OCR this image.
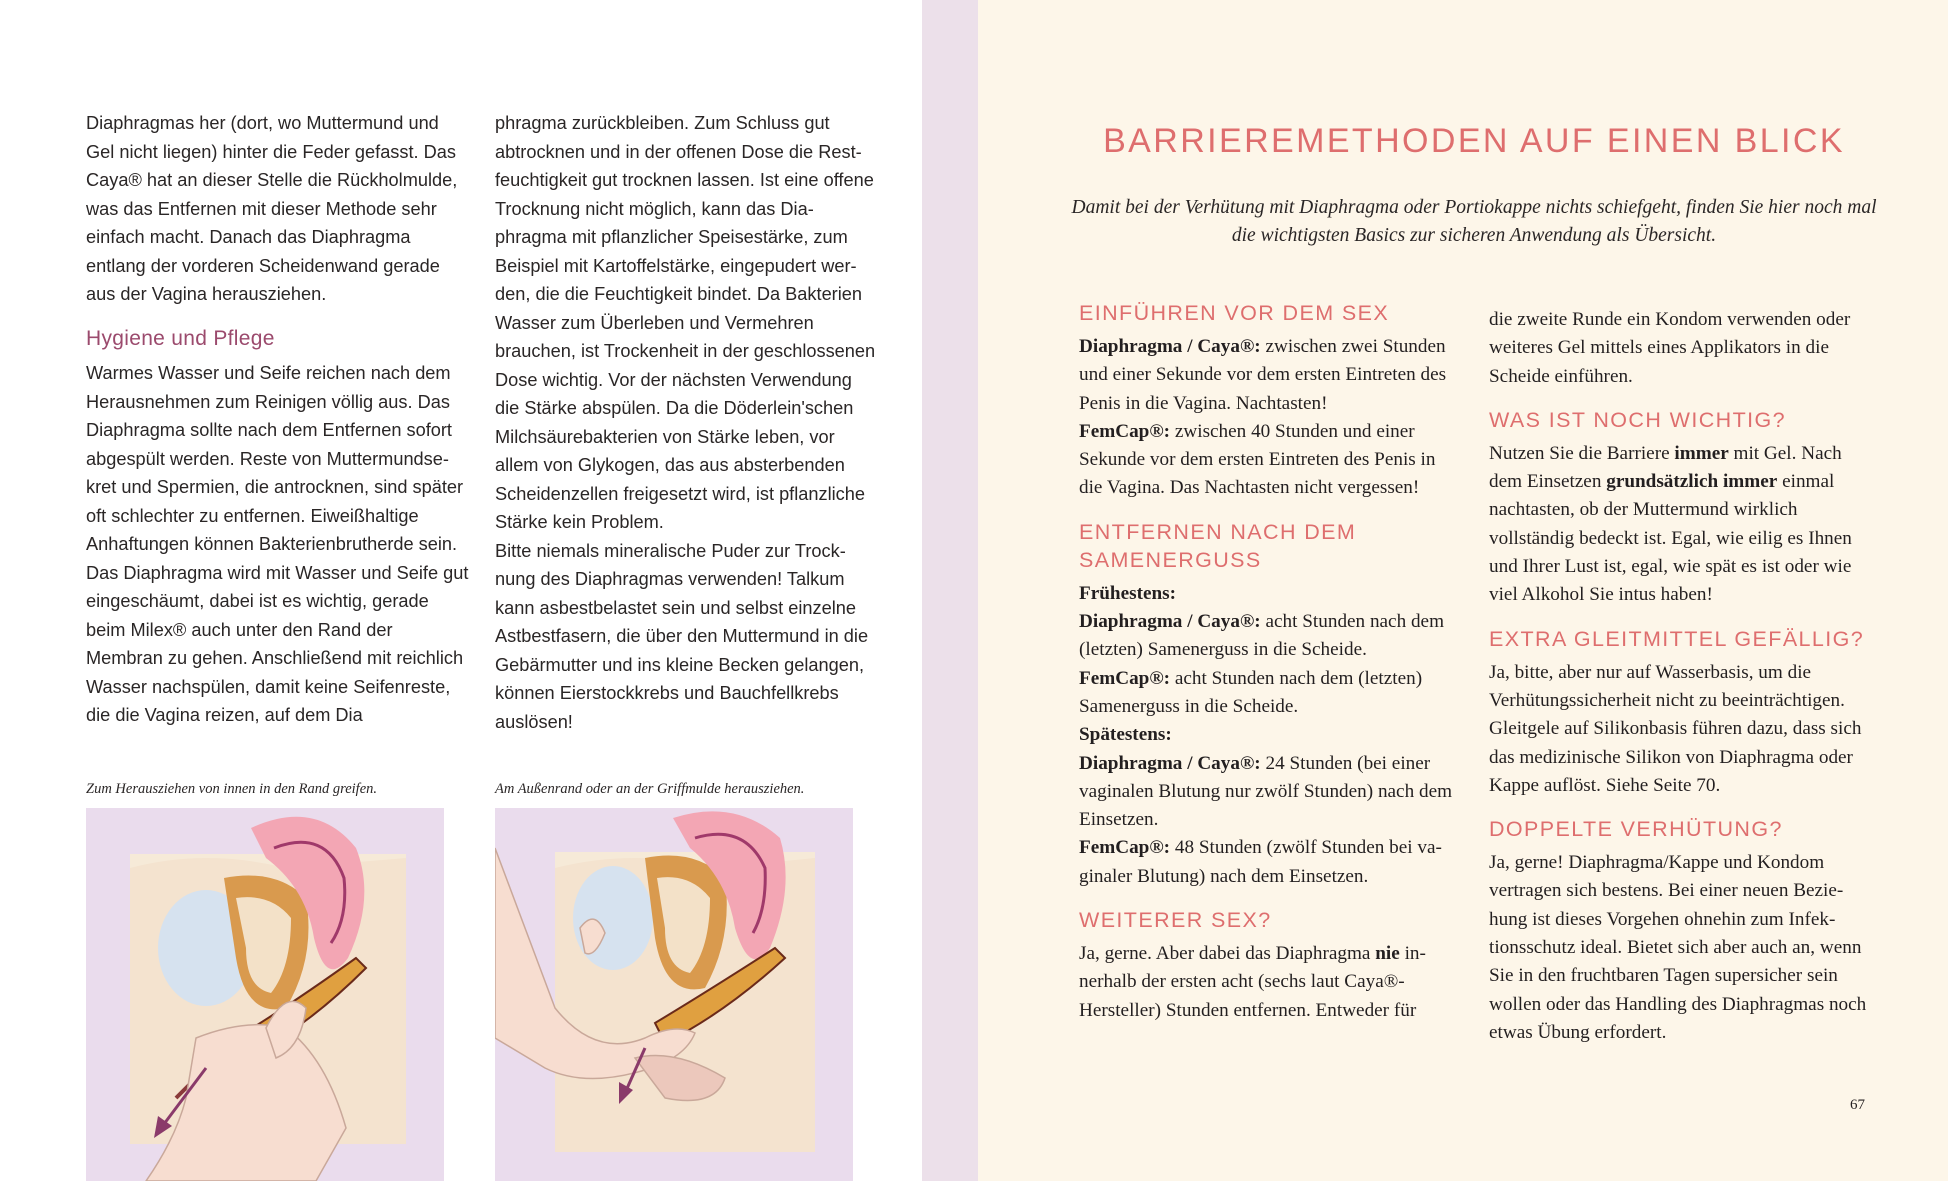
Diaphragmas her (dort, wo Muttermund und Gel nicht liegen) hinter die Feder gefasst. Das Caya® hat an dieser Stelle die Rückholmulde, was das Entfernen mit dieser Methode sehr einfach macht. Danach das Diaphragma entlang der vorderen Scheidenwand gerade aus der Vagina herausziehen.

Hygiene und Pflege

Warmes Wasser und Seife reichen nach dem Herausnehmen zum Reinigen völlig aus. Das Diaphragma sollte nach dem Entfernen sofort abgespült werden. Reste von Muttermundsekret und Spermien, die antrocknen, sind später oft schlechter zu entfernen. Eiweißhaltige Anhaftungen können Bakterienbrutherde sein. Das Diaphragma wird mit Wasser und Seife gut eingeschäumt, dabei ist es wichtig, gerade beim Milex® auch unter den Rand der Membran zu gehen. Anschließend mit reichlich Wasser nachspülen, damit keine Seifenreste, die die Vagina reizen, auf dem Dia

phragma zurückbleiben. Zum Schluss gut abtrocknen und in der offenen Dose die Restfeuchtigkeit gut trocknen lassen. Ist eine offene Trocknung nicht möglich, kann das Diaphragma mit pflanzlicher Speisestärke, zum Beispiel mit Kartoffelstärke, eingepudert werden, die die Feuchtigkeit bindet. Da Bakterien Wasser zum Überleben und Vermehren brauchen, ist Trockenheit in der geschlossenen Dose wichtig. Vor der nächsten Verwendung die Stärke abspülen. Da die Döderlein'schen Milchsäurebakterien von Stärke leben, vor allem von Glykogen, das aus absterbenden Scheidenzellen freigesetzt wird, ist pflanzliche Stärke kein Problem.

Bitte niemals mineralische Puder zur Trocknung des Diaphragmas verwenden! Talkum kann asbestbelastet sein und selbst einzelne Astbestfasern, die über den Muttermund in die Gebärmutter und ins kleine Becken gelangen, können Eierstockkrebs und Bauchfellkrebs auslösen!

Zum Herausziehen von innen in den Rand greifen.	Am Außenrand oder an der Griffmulde herausziehen.
BARRIEREMETHODEN AUF EINEN BLICK
Damit bei der Verhütung mit Diaphragma oder Portiokappe nichts schiefgeht, finden Sie hier noch mal die wichtigsten Basics zur sicheren Anwendung als Übersicht.
EINFÜHREN VOR DEM SEX

Diaphragma / Caya®: zwischen zwei Stunden und einer Sekunde vor dem ersten Eintreten des Penis in die Vagina. Nachtasten!

FemCap®: zwischen 40 Stunden und einer Sekunde vor dem ersten Eintreten des Penis in die Vagina. Das Nachtasten nicht vergessen!

ENTFERNEN NACH DEM SAMENERGUSS

Frühestens:

Diaphragma / Caya®: acht Stunden nach dem (letzten) Samenerguss in die Scheide.

FemCap®: acht Stunden nach dem (letzten) Samenerguss in die Scheide.

Spätestens:

Diaphragma / Caya®: 24 Stunden (bei einer vaginalen Blutung nur zwölf Stunden) nach dem Einsetzen.

FemCap®: 48 Stunden (zwölf Stunden bei vaginaler Blutung) nach dem Einsetzen.

WEITERER SEX?

Ja, gerne. Aber dabei das Diaphragma nie innerhalb der ersten acht (sechs laut Caya®-Hersteller) Stunden entfernen. Entweder für

die zweite Runde ein Kondom verwenden oder weiteres Gel mittels eines Applikators in die Scheide einführen.

WAS IST NOCH WICHTIG?

Nutzen Sie die Barriere immer mit Gel. Nach dem Einsetzen grundsätzlich immer einmal nachtasten, ob der Muttermund wirklich vollständig bedeckt ist. Egal, wie eilig es Ihnen und Ihrer Lust ist, egal, wie spät es ist oder wie viel Alkohol Sie intus haben!

EXTRA GLEITMITTEL GEFÄLLIG?

Ja, bitte, aber nur auf Wasserbasis, um die Verhütungssicherheit nicht zu beeinträchtigen. Gleitgele auf Silikonbasis führen dazu, dass sich das medizinische Silikon von Diaphragma oder Kappe auflöst. Siehe Seite 70.

DOPPELTE VERHÜTUNG?

Ja, gerne! Diaphragma/Kappe und Kondom vertragen sich bestens. Bei einer neuen Beziehung ist dieses Vorgehen ohnehin zum Infektionsschutz ideal. Bietet sich aber auch an, wenn Sie in den fruchtbaren Tagen supersicher sein wollen oder das Handling des Diaphragmas noch etwas Übung erfordert.

67
